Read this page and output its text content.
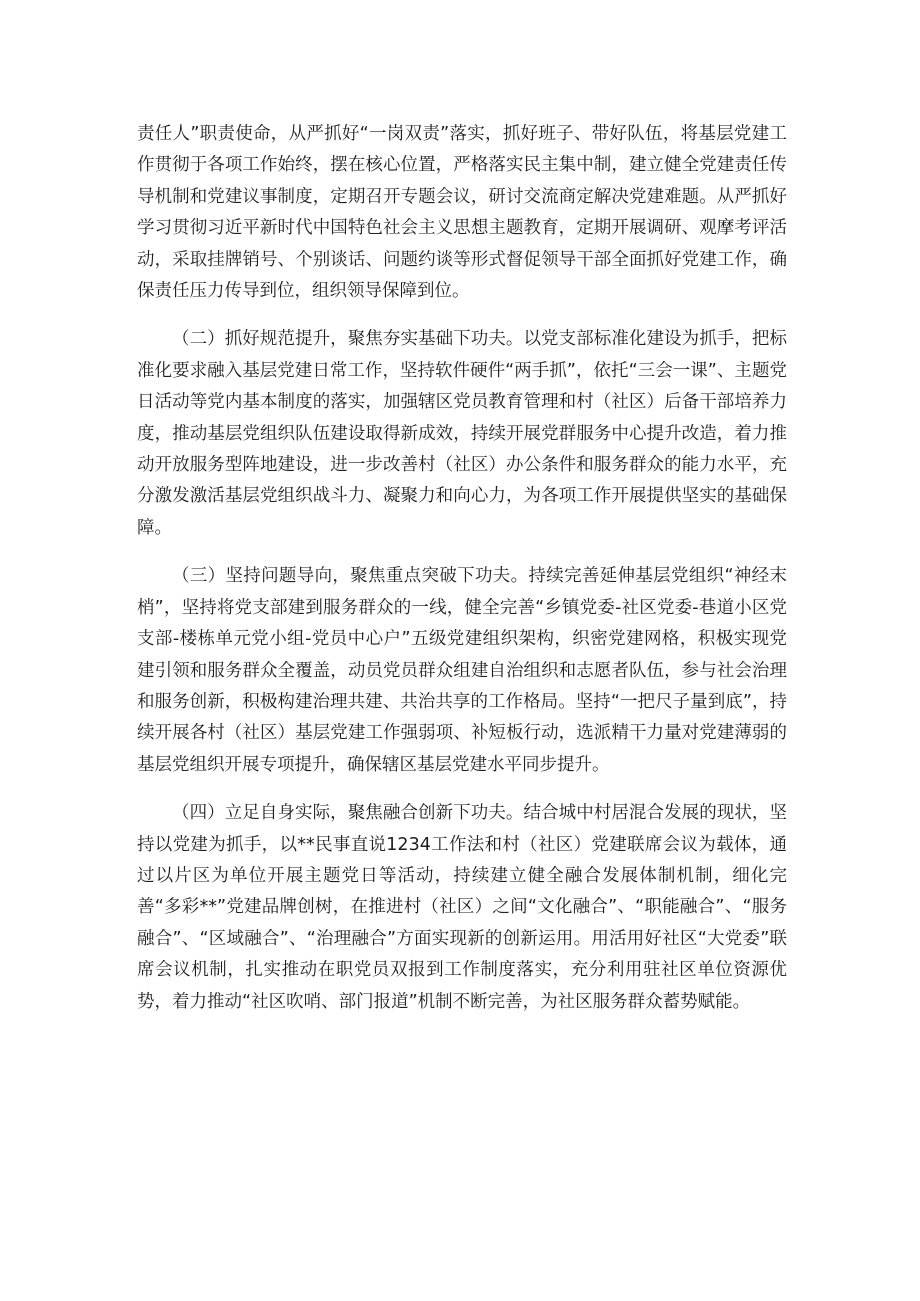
责任人”职责使命，从严抓好“一岗双责”落实，抓好班子、带好队伍，将基层党建工作贯彻于各项工作始终，摆在核心位置，严格落实民主集中制，建立健全党建责任传导机制和党建议事制度，定期召开专题会议，研讨交流商定解决党建难题。从严抓好学习贯彻习近平新时代中国特色社会主义思想主题教育，定期开展调研、观摩考评活动，采取挂牌销号、个别谈话、问题约谈等形式督促领导干部全面抓好党建工作，确保责任压力传导到位，组织领导保障到位。

（二）抓好规范提升，聚焦夯实基础下功夫。以党支部标准化建设为抓手，把标准化要求融入基层党建日常工作，坚持软件硬件“两手抓”，依托“三会一课”、主题党日活动等党内基本制度的落实，加强辖区党员教育管理和村（社区）后备干部培养力度，推动基层党组织队伍建设取得新成效，持续开展党群服务中心提升改造，着力推动开放服务型阵地建设，进一步改善村（社区）办公条件和服务群众的能力水平，充分激发激活基层党组织战斗力、凝聚力和向心力，为各项工作开展提供坚实的基础保障。

（三）坚持问题导向，聚焦重点突破下功夫。持续完善延伸基层党组织“神经末梢”，坚持将党支部建到服务群众的一线，健全完善“乡镇党委-社区党委-巷道小区党支部-楼栋单元党小组-党员中心户”五级党建组织架构，织密党建网格，积极实现党建引领和服务群众全覆盖，动员党员群众组建自治组织和志愿者队伍，参与社会治理和服务创新，积极构建治理共建、共治共享的工作格局。坚持“一把尺子量到底”，持续开展各村（社区）基层党建工作强弱项、补短板行动，选派精干力量对党建薄弱的基层党组织开展专项提升，确保辖区基层党建水平同步提升。

（四）立足自身实际，聚焦融合创新下功夫。结合城中村居混合发展的现状，坚持以党建为抓手，以**民事直说1234工作法和村（社区）党建联席会议为载体，通过以片区为单位开展主题党日等活动，持续建立健全融合发展体制机制，细化完善“多彩**”党建品牌创树，在推进村（社区）之间“文化融合”、“职能融合”、“服务融合”、“区域融合”、“治理融合”方面实现新的创新运用。用活用好社区“大党委”联席会议机制，扎实推动在职党员双报到工作制度落实，充分利用驻社区单位资源优势，着力推动“社区吹哨、部门报道”机制不断完善，为社区服务群众蓄势赋能。
